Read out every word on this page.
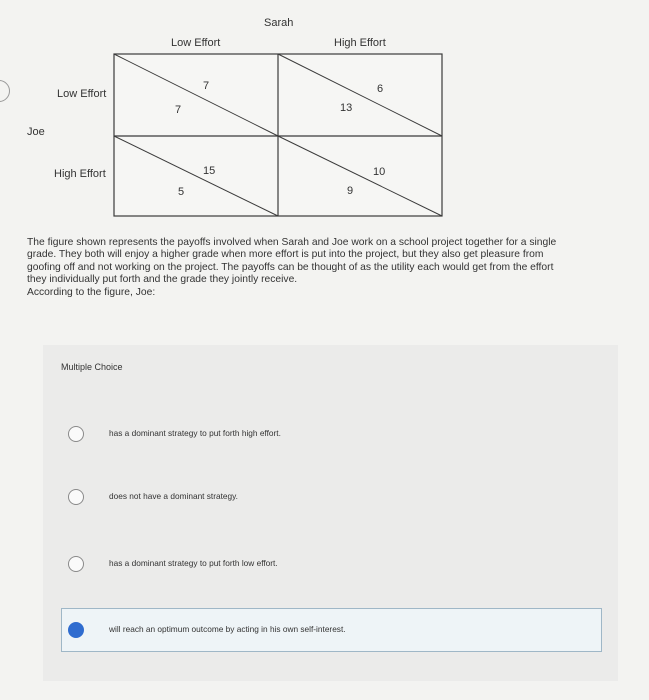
Sarah
Low Effort	High Effort
Joe
Low Effort
High Effort
7
7
6
13
15
5
10
9

The figure shown represents the payoffs involved when Sarah and Joe work on a school project together for a single

grade. They both will enjoy a higher grade when more effort is put into the project, but they also get pleasure from

goofing off and not working on the project. The payoffs can be thought of as the utility each would get from the effort

they individually put forth and the grade they jointly receive.

According to the figure, Joe:

Multiple Choice
has a dominant strategy to put forth high effort.
does not have a dominant strategy.
has a dominant strategy to put forth low effort.
will reach an optimum outcome by acting in his own self-interest.
